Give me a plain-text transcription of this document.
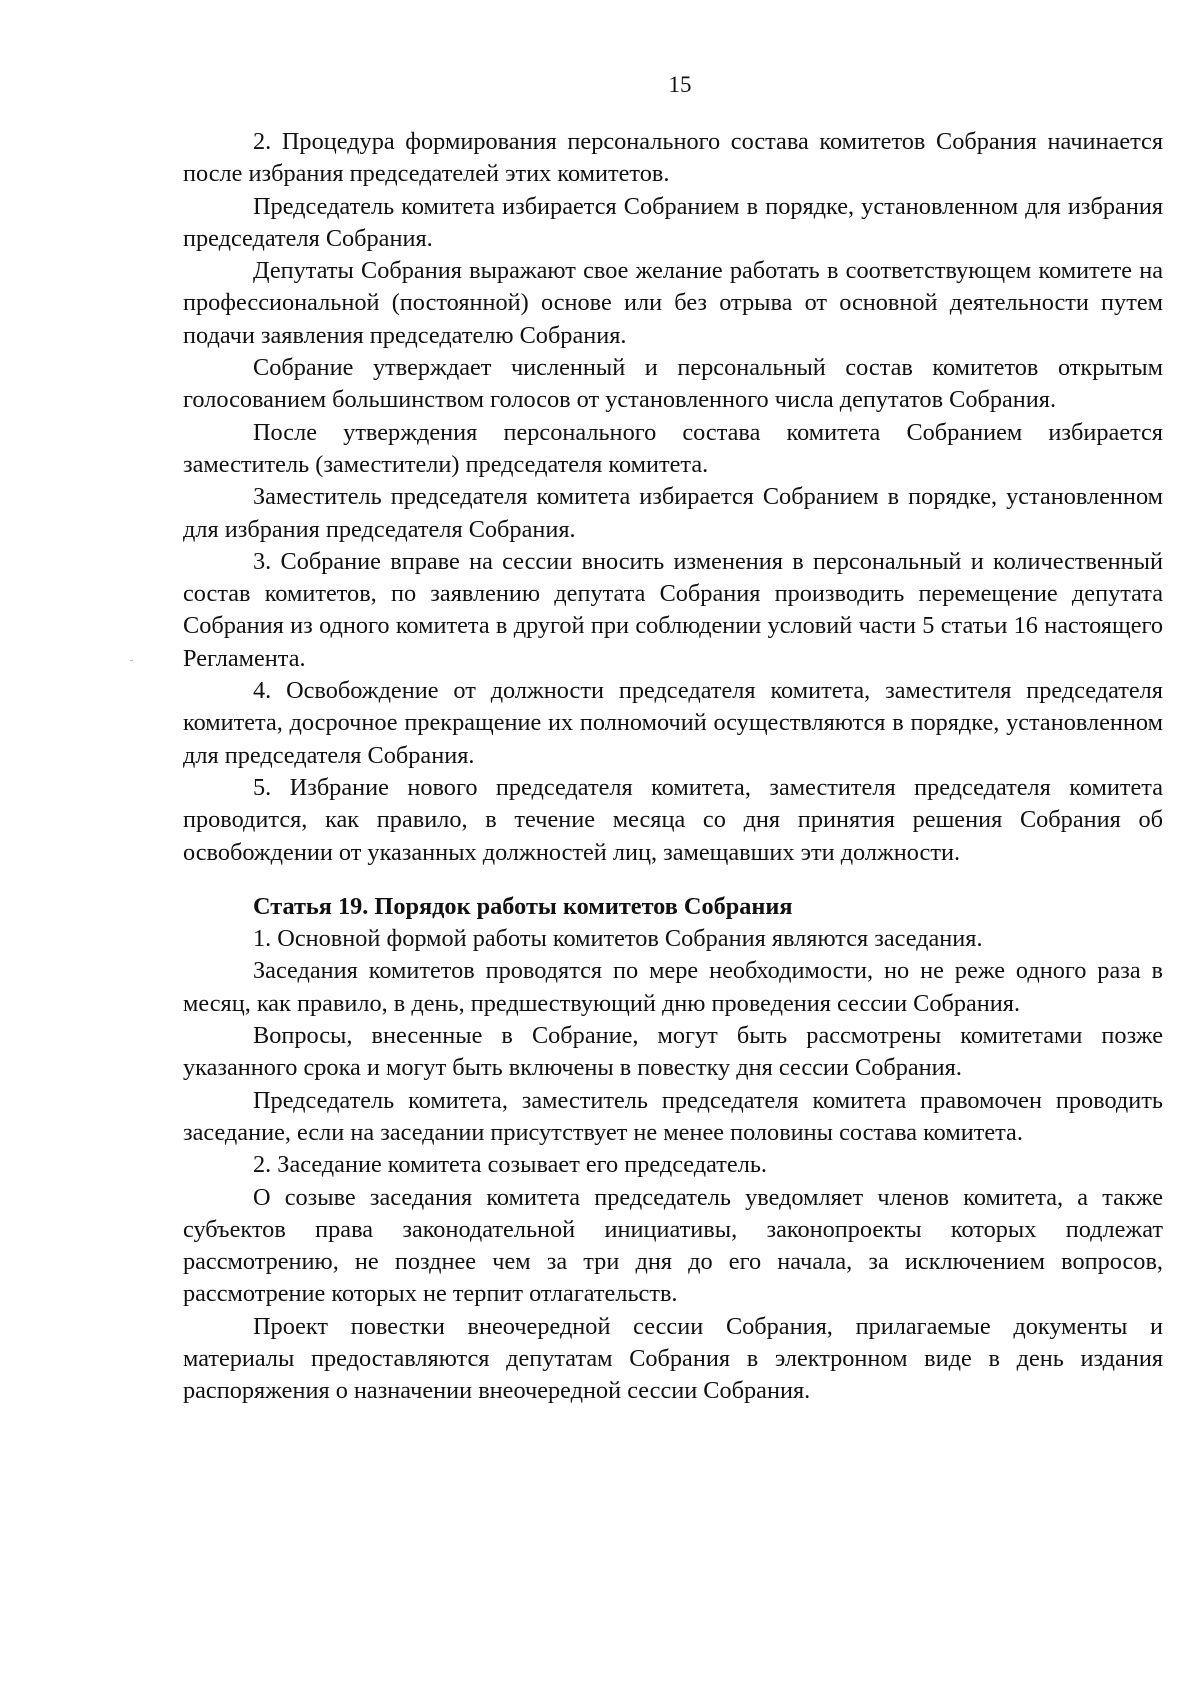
15

2. Процедура формирования персонального состава комитетов Собрания начинается после избрания председателей этих комитетов.

Председатель комитета избирается Собранием в порядке, установленном для избрания председателя Собрания.

Депутаты Собрания выражают свое желание работать в соответствующем комитете на профессиональной (постоянной) основе или без отрыва от основной деятельности путем подачи заявления председателю Собрания.

Собрание утверждает численный и персональный состав комитетов открытым голосованием большинством голосов от установленного числа депутатов Собрания.

После утверждения персонального состава комитета Собранием избирается заместитель (заместители) председателя комитета.

Заместитель председателя комитета избирается Собранием в порядке, установленном для избрания председателя Собрания.

3. Собрание вправе на сессии вносить изменения в персональный и количественный состав комитетов, по заявлению депутата Собрания производить перемещение депутата Собрания из одного комитета в другой при соблюдении условий части 5 статьи 16 настоящего Регламента.

4. Освобождение от должности председателя комитета, заместителя председателя комитета, досрочное прекращение их полномочий осуществляются в порядке, установленном для председателя Собрания.

5. Избрание нового председателя комитета, заместителя председателя комитета проводится, как правило, в течение месяца со дня принятия решения Собрания об освобождении от указанных должностей лиц, замещавших эти должности.

Статья 19. Порядок работы комитетов Собрания

1. Основной формой работы комитетов Собрания являются заседания.

Заседания комитетов проводятся по мере необходимости, но не реже одного раза в месяц, как правило, в день, предшествующий дню проведения сессии Собрания.

Вопросы, внесенные в Собрание, могут быть рассмотрены комитетами позже указанного срока и могут быть включены в повестку дня сессии Собрания.

Председатель комитета, заместитель председателя комитета правомочен проводить заседание, если на заседании присутствует не менее половины состава комитета.

2. Заседание комитета созывает его председатель.

О созыве заседания комитета председатель уведомляет членов комитета, а также субъектов права законодательной инициативы, законопроекты которых подлежат рассмотрению, не позднее чем за три дня до его начала, за исключением вопросов, рассмотрение которых не терпит отлагательств.

Проект повестки внеочередной сессии Собрания, прилагаемые документы и материалы предоставляются депутатам Собрания в электронном виде в день издания распоряжения о назначении внеочередной сессии Собрания.
